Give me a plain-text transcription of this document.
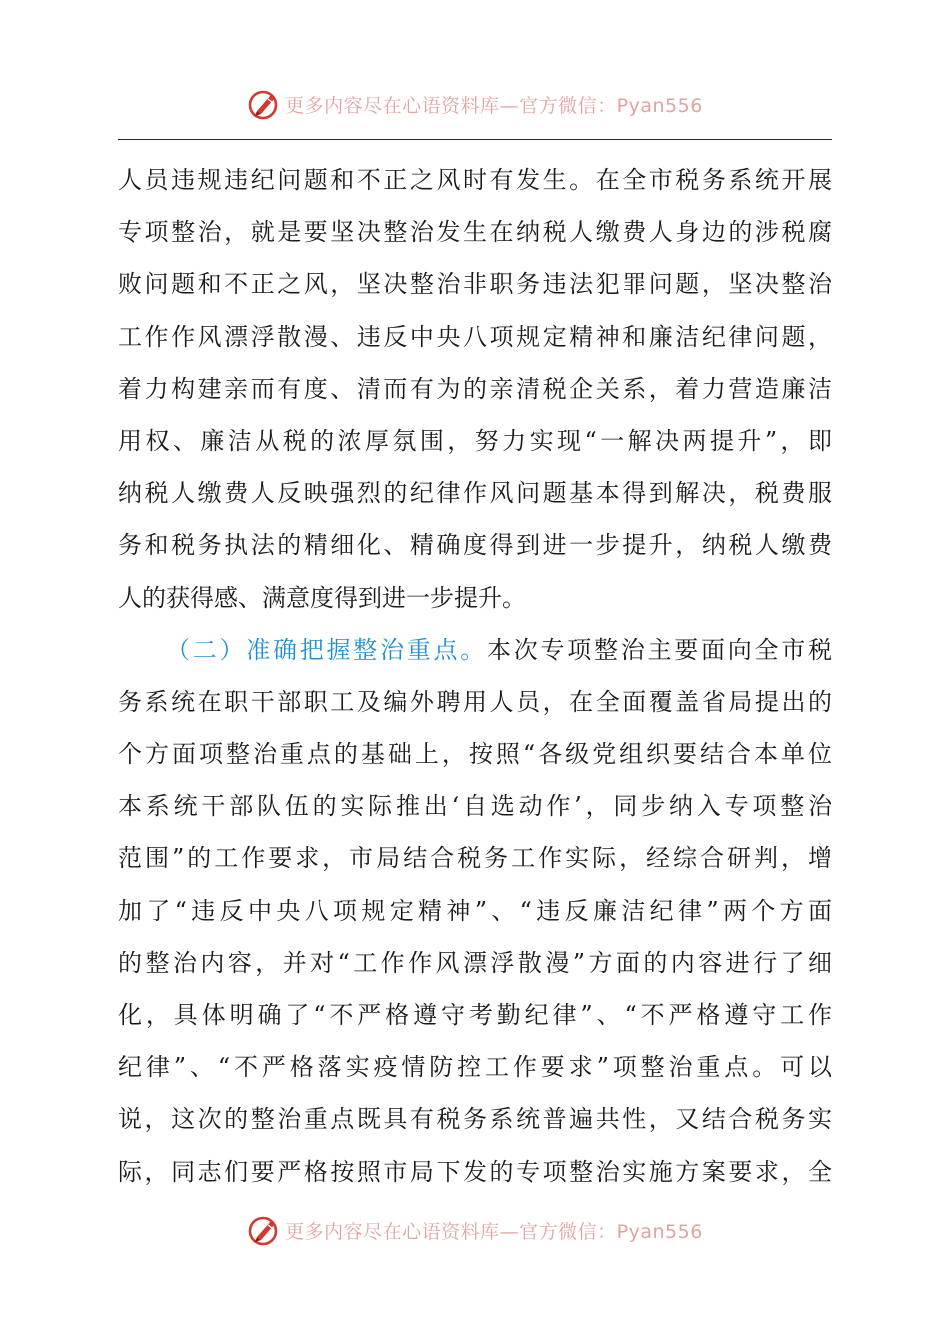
更多内容尽在心语资料库—官方微信：Pyan556
人员违规违纪问题和不正之风时有发生。在全市税务系统开展
专项整治，就是要坚决整治发生在纳税人缴费人身边的涉税腐
败问题和不正之风，坚决整治非职务违法犯罪问题，坚决整治
工作作风漂浮散漫、违反中央八项规定精神和廉洁纪律问题，
着力构建亲而有度、清而有为的亲清税企关系，着力营造廉洁
用权、廉洁从税的浓厚氛围，努力实现“一解决两提升”，即
纳税人缴费人反映强烈的纪律作风问题基本得到解决，税费服
务和税务执法的精细化、精确度得到进一步提升，纳税人缴费
人的获得感、满意度得到进一步提升。
（二）准确把握整治重点。本次专项整治主要面向全市税
务系统在职干部职工及编外聘用人员，在全面覆盖省局提出的
个方面项整治重点的基础上，按照“各级党组织要结合本单位
本系统干部队伍的实际推出‘自选动作’，同步纳入专项整治
范围”的工作要求，市局结合税务工作实际，经综合研判，增
加了“违反中央八项规定精神”、“违反廉洁纪律”两个方面
的整治内容，并对“工作作风漂浮散漫”方面的内容进行了细
化，具体明确了“不严格遵守考勤纪律”、“不严格遵守工作
纪律”、“不严格落实疫情防控工作要求”项整治重点。可以
说，这次的整治重点既具有税务系统普遍共性，又结合税务实
际，同志们要严格按照市局下发的专项整治实施方案要求，全
更多内容尽在心语资料库—官方微信：Pyan556
